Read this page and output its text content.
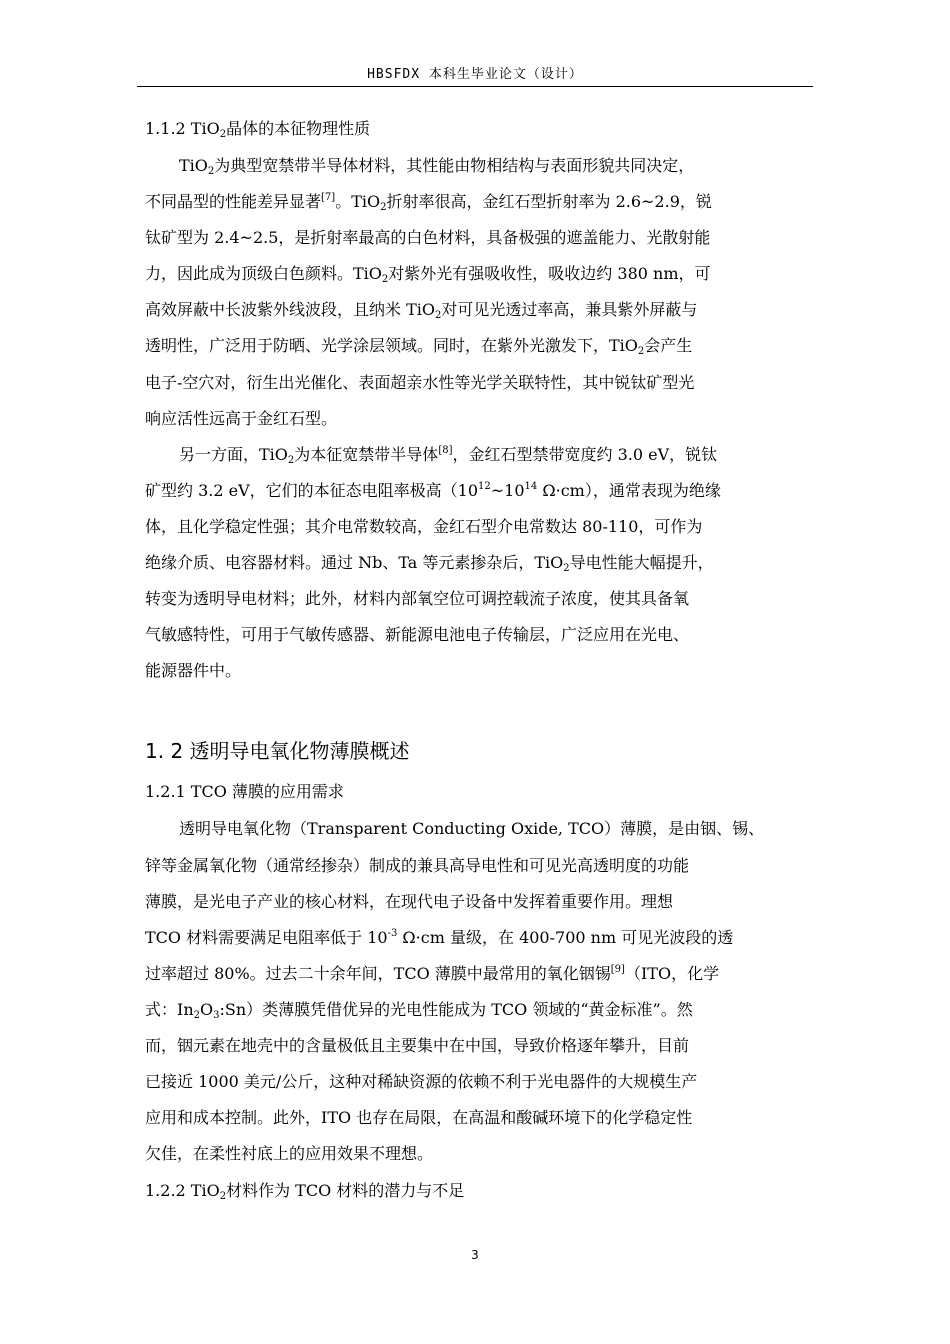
HBSFDX 本科生毕业论文（设计）
1.1.2 TiO$_2$晶体的本征物理性质
TiO$_2$为典型宽禁带半导体材料，其性能由物相结构与表面形貌共同决定，
不同晶型的性能差异显著[7]。TiO$_2$折射率很高，金红石型折射率为 2.6~2.9，锐
钛矿型为 2.4~2.5，是折射率最高的白色材料，具备极强的遮盖能力、光散射能
力，因此成为顶级白色颜料。TiO$_2$对紫外光有强吸收性，吸收边约 380 nm，可
高效屏蔽中长波紫外线波段，且纳米 TiO$_2$对可见光透过率高，兼具紫外屏蔽与
透明性，广泛用于防晒、光学涂层领域。同时，在紫外光激发下，TiO$_2$会产生
电子-空穴对，衍生出光催化、表面超亲水性等光学关联特性，其中锐钛矿型光
响应活性远高于金红石型。
另一方面，TiO$_2$为本征宽禁带半导体[8]，金红石型禁带宽度约 3.0 eV，锐钛
矿型约 3.2 eV，它们的本征态电阻率极高（$10^{12}\sim 10^{14}$ Ω·cm），通常表现为绝缘
体，且化学稳定性强；其介电常数较高，金红石型介电常数达 80-110，可作为
绝缘介质、电容器材料。通过 Nb、Ta 等元素掺杂后，TiO$_2$导电性能大幅提升，
转变为透明导电材料；此外，材料内部氧空位可调控载流子浓度，使其具备氧
气敏感特性，可用于气敏传感器、新能源电池电子传输层，广泛应用在光电、
能源器件中。
1. 2 透明导电氧化物薄膜概述
1.2.1 TCO 薄膜的应用需求
透明导电氧化物（Transparent Conducting Oxide, TCO）薄膜，是由铟、锡、
锌等金属氧化物（通常经掺杂）制成的兼具高导电性和可见光高透明度的功能
薄膜，是光电子产业的核心材料，在现代电子设备中发挥着重要作用。理想
TCO 材料需要满足电阻率低于 $10^{-3}$ Ω·cm 量级，在 400-700 nm 可见光波段的透
过率超过 80%。过去二十余年间，TCO 薄膜中最常用的氧化铟锡[9]（ITO，化学
式：$In_2O_3:Sn$）类薄膜凭借优异的光电性能成为 TCO 领域的“黄金标准”。然
而，铟元素在地壳中的含量极低且主要集中在中国，导致价格逐年攀升，目前
已接近 1000 美元/公斤，这种对稀缺资源的依赖不利于光电器件的大规模生产
应用和成本控制。此外，ITO 也存在局限，在高温和酸碱环境下的化学稳定性
欠佳，在柔性衬底上的应用效果不理想。
1.2.2 TiO$_2$材料作为 TCO 材料的潜力与不足
3
